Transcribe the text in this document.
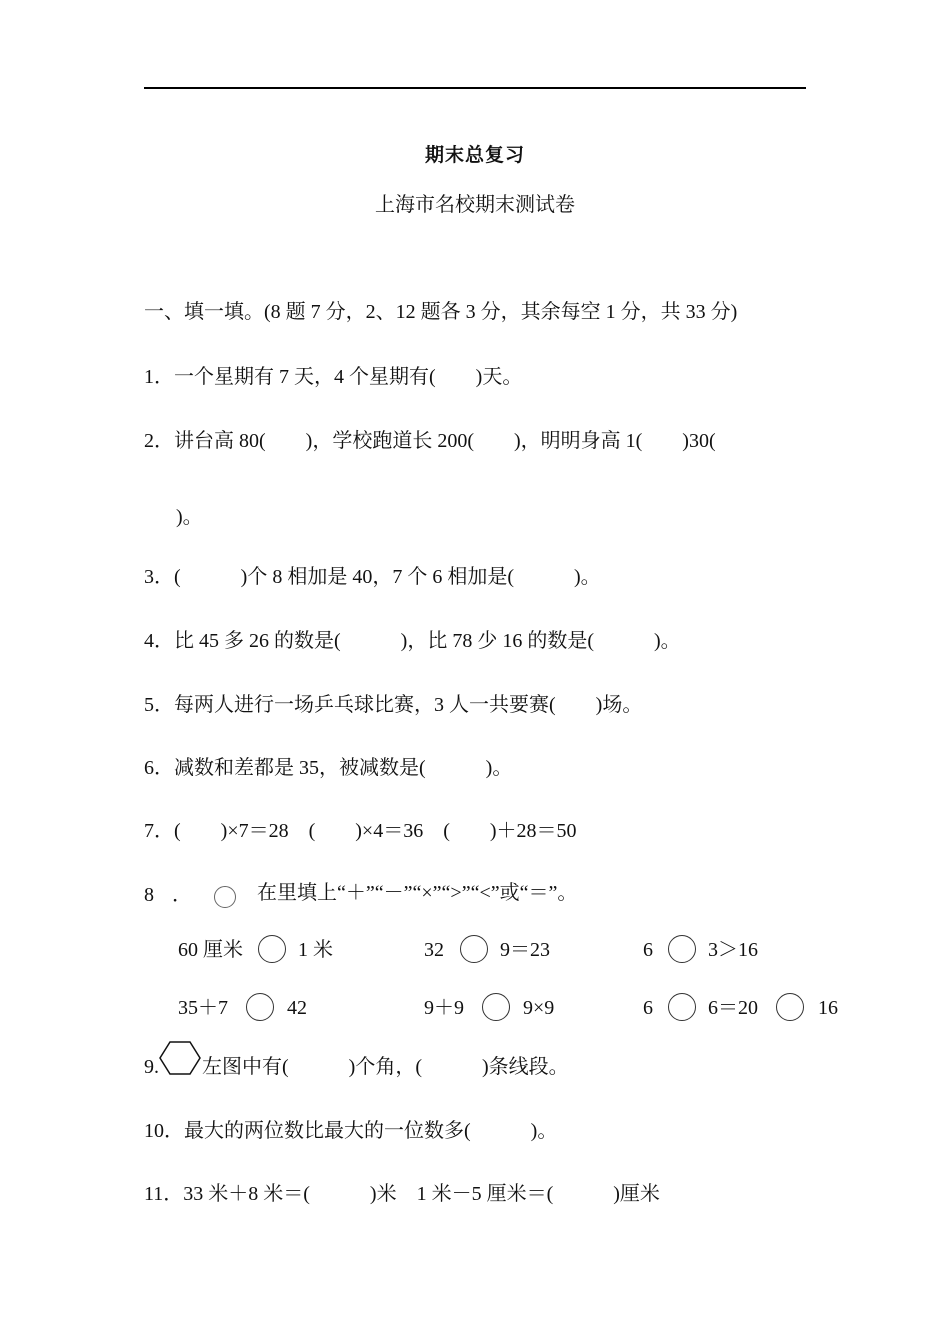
期末总复习
上海市名校期末测试卷
一、填一填。(8 题 7 分，2、12 题各 3 分，其余每空 1 分，共 33 分)
1．一个星期有 7 天，4 个星期有(        )天。
2．讲台高 80(        )，学校跑道长 200(        )，明明身高 1(        )30(
)。
3．(            )个 8 相加是 40，7 个 6 相加是(            )。
4．比 45 多 26 的数是(            )，比 78 少 16 的数是(            )。
5．每两人进行一场乒乓球比赛，3 人一共要赛(        )场。
6．减数和差都是 35，被减数是(            )。
7．(        )×7＝28    (        )×4＝36    (        )＋28＝50
8 ．	在里填上“＋”“－”“×”“>”“<”或“＝”。
60 厘米	1 米	32	9＝23	6	3＞16
35＋7	42	9＋9	9×9	6	6＝20	16
9. 左图中有(            )个角，(            )条线段。
10．最大的两位数比最大的一位数多(            )。
11．33 米＋8 米＝(            )米    1 米－5 厘米＝(            )厘米
